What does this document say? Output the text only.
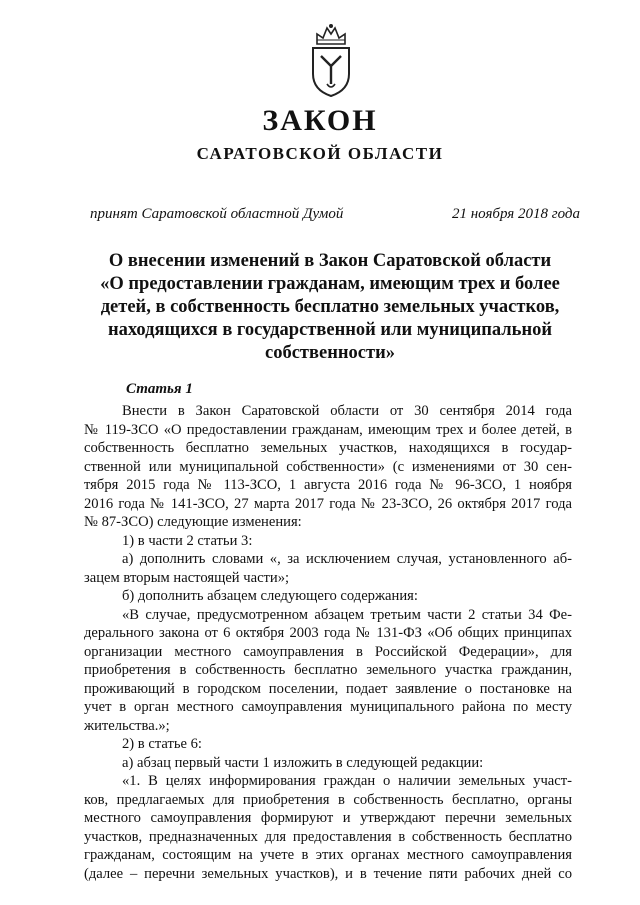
ЗАКОН
САРАТОВСКОЙ ОБЛАСТИ
принят Саратовской областной Думой	21 ноября 2018 года
О внесении изменений в Закон Саратовской области
«О предоставлении гражданам, имеющим трех и более
детей, в собственность бесплатно земельных участков,
находящихся в государственной или муниципальной
собственности»
Статья 1

Внести в Закон Саратовской области от 30 сентября 2014 года

№ 119-ЗСО «О предоставлении гражданам, имеющим трех и более детей, в

собственность бесплатно земельных участков, находящихся в государ-

ственной или муниципальной собственности» (с изменениями от 30 сен-

тября 2015 года № 113-ЗСО, 1 августа 2016 года № 96-ЗСО, 1 ноября

2016 года № 141-ЗСО, 27 марта 2017 года № 23-ЗСО, 26 октября 2017 года

№ 87-ЗСО) следующие изменения:

1) в части 2 статьи 3:

а) дополнить словами «, за исключением случая, установленного аб-

зацем вторым настоящей части»;

б) дополнить абзацем следующего содержания:

«В случае, предусмотренном абзацем третьим части 2 статьи 34 Фе-

дерального закона от 6 октября 2003 года № 131-ФЗ «Об общих принципах

организации местного самоуправления в Российской Федерации», для

приобретения в собственность бесплатно земельного участка гражданин,

проживающий в городском поселении, подает заявление о постановке на

учет в орган местного самоуправления муниципального района по месту

жительства.»;

2) в статье 6:

а) абзац первый части 1 изложить в следующей редакции:

«1. В целях информирования граждан о наличии земельных участ-

ков, предлагаемых для приобретения в собственность бесплатно, органы

местного самоуправления формируют и утверждают перечни земельных

участков, предназначенных для предоставления в собственность бесплатно

гражданам, состоящим на учете в этих органах местного самоуправления

(далее – перечни земельных участков), и в течение пяти рабочих дней со
